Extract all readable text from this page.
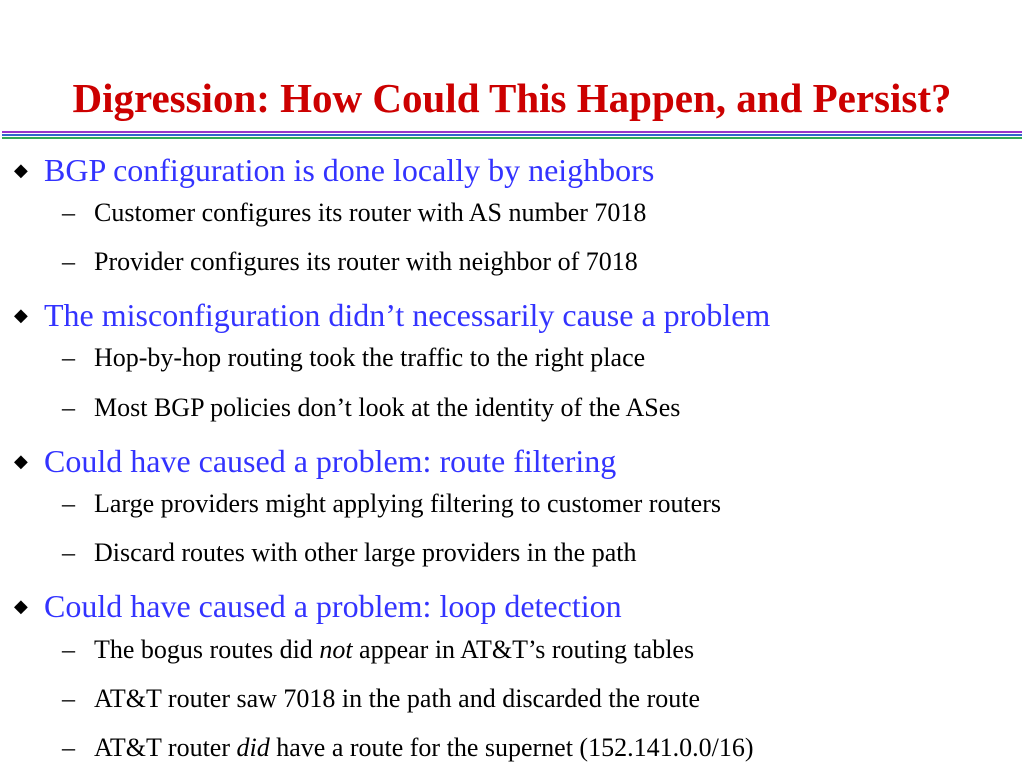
Digression: How Could This Happen, and Persist?
◆ BGP configuration is done locally by neighbors
– Customer configures its router with AS number 7018
– Provider configures its router with neighbor of 7018
◆ The misconfiguration didn’t necessarily cause a problem
– Hop-by-hop routing took the traffic to the right place
– Most BGP policies don’t look at the identity of the ASes
◆ Could have caused a problem: route filtering
– Large providers might applying filtering to customer routers
– Discard routes with other large providers in the path
◆ Could have caused a problem: loop detection
– The bogus routes did not appear in AT&T’s routing tables
– AT&T router saw 7018 in the path and discarded the route
– AT&T router did have a route for the supernet (152.141.0.0/16)
